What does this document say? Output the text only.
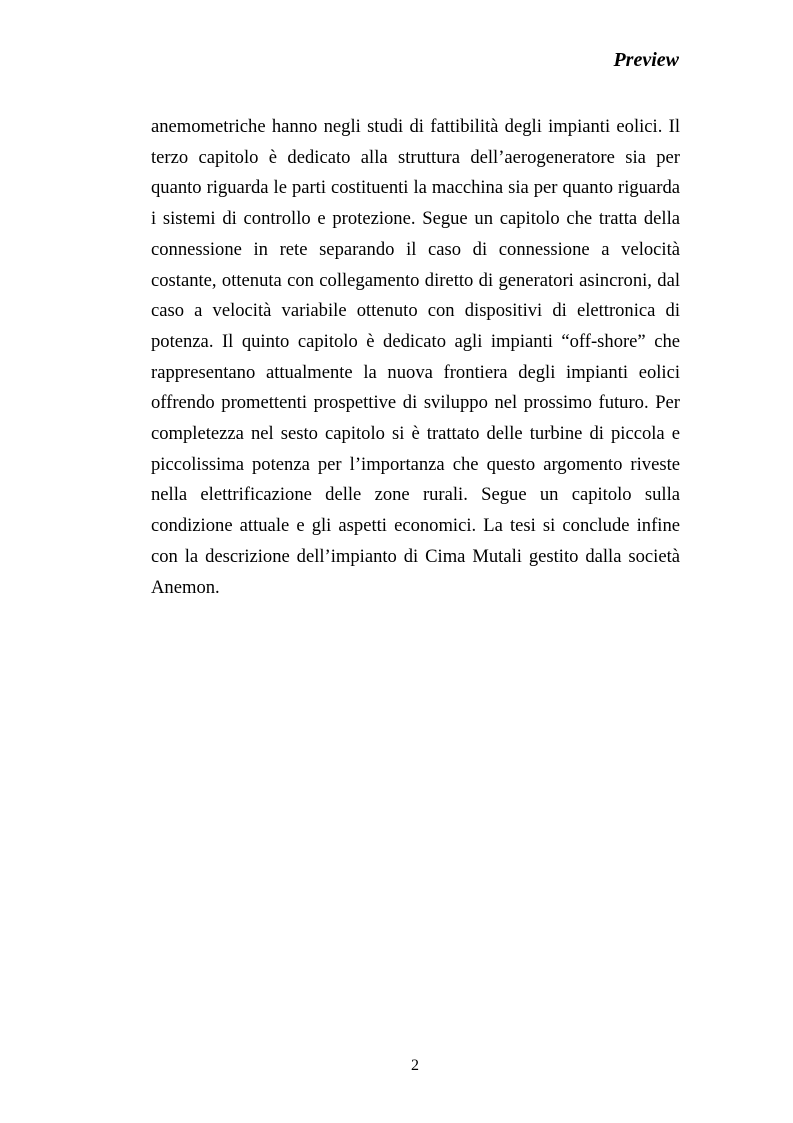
Preview

anemometriche hanno negli studi di fattibilità degli impianti eolici. Il terzo capitolo è dedicato alla struttura dell’aerogeneratore sia per quanto riguarda le parti costituenti la macchina sia per quanto riguarda i sistemi di controllo e protezione. Segue un capitolo che tratta della connessione in rete separando il caso di connessione a velocità costante, ottenuta con collegamento diretto di generatori asincroni, dal caso a velocità variabile ottenuto con dispositivi di elettronica di potenza. Il quinto capitolo è dedicato agli impianti “off-shore” che rappresentano attualmente la nuova frontiera degli impianti eolici offrendo promettenti prospettive di sviluppo nel prossimo futuro. Per completezza nel sesto capitolo si è trattato delle turbine di piccola e piccolissima potenza per l’importanza che questo argomento riveste nella elettrificazione delle zone rurali. Segue un capitolo sulla condizione attuale e gli aspetti economici. La tesi si conclude infine con la descrizione dell’impianto di Cima Mutali gestito dalla società Anemon.

2
